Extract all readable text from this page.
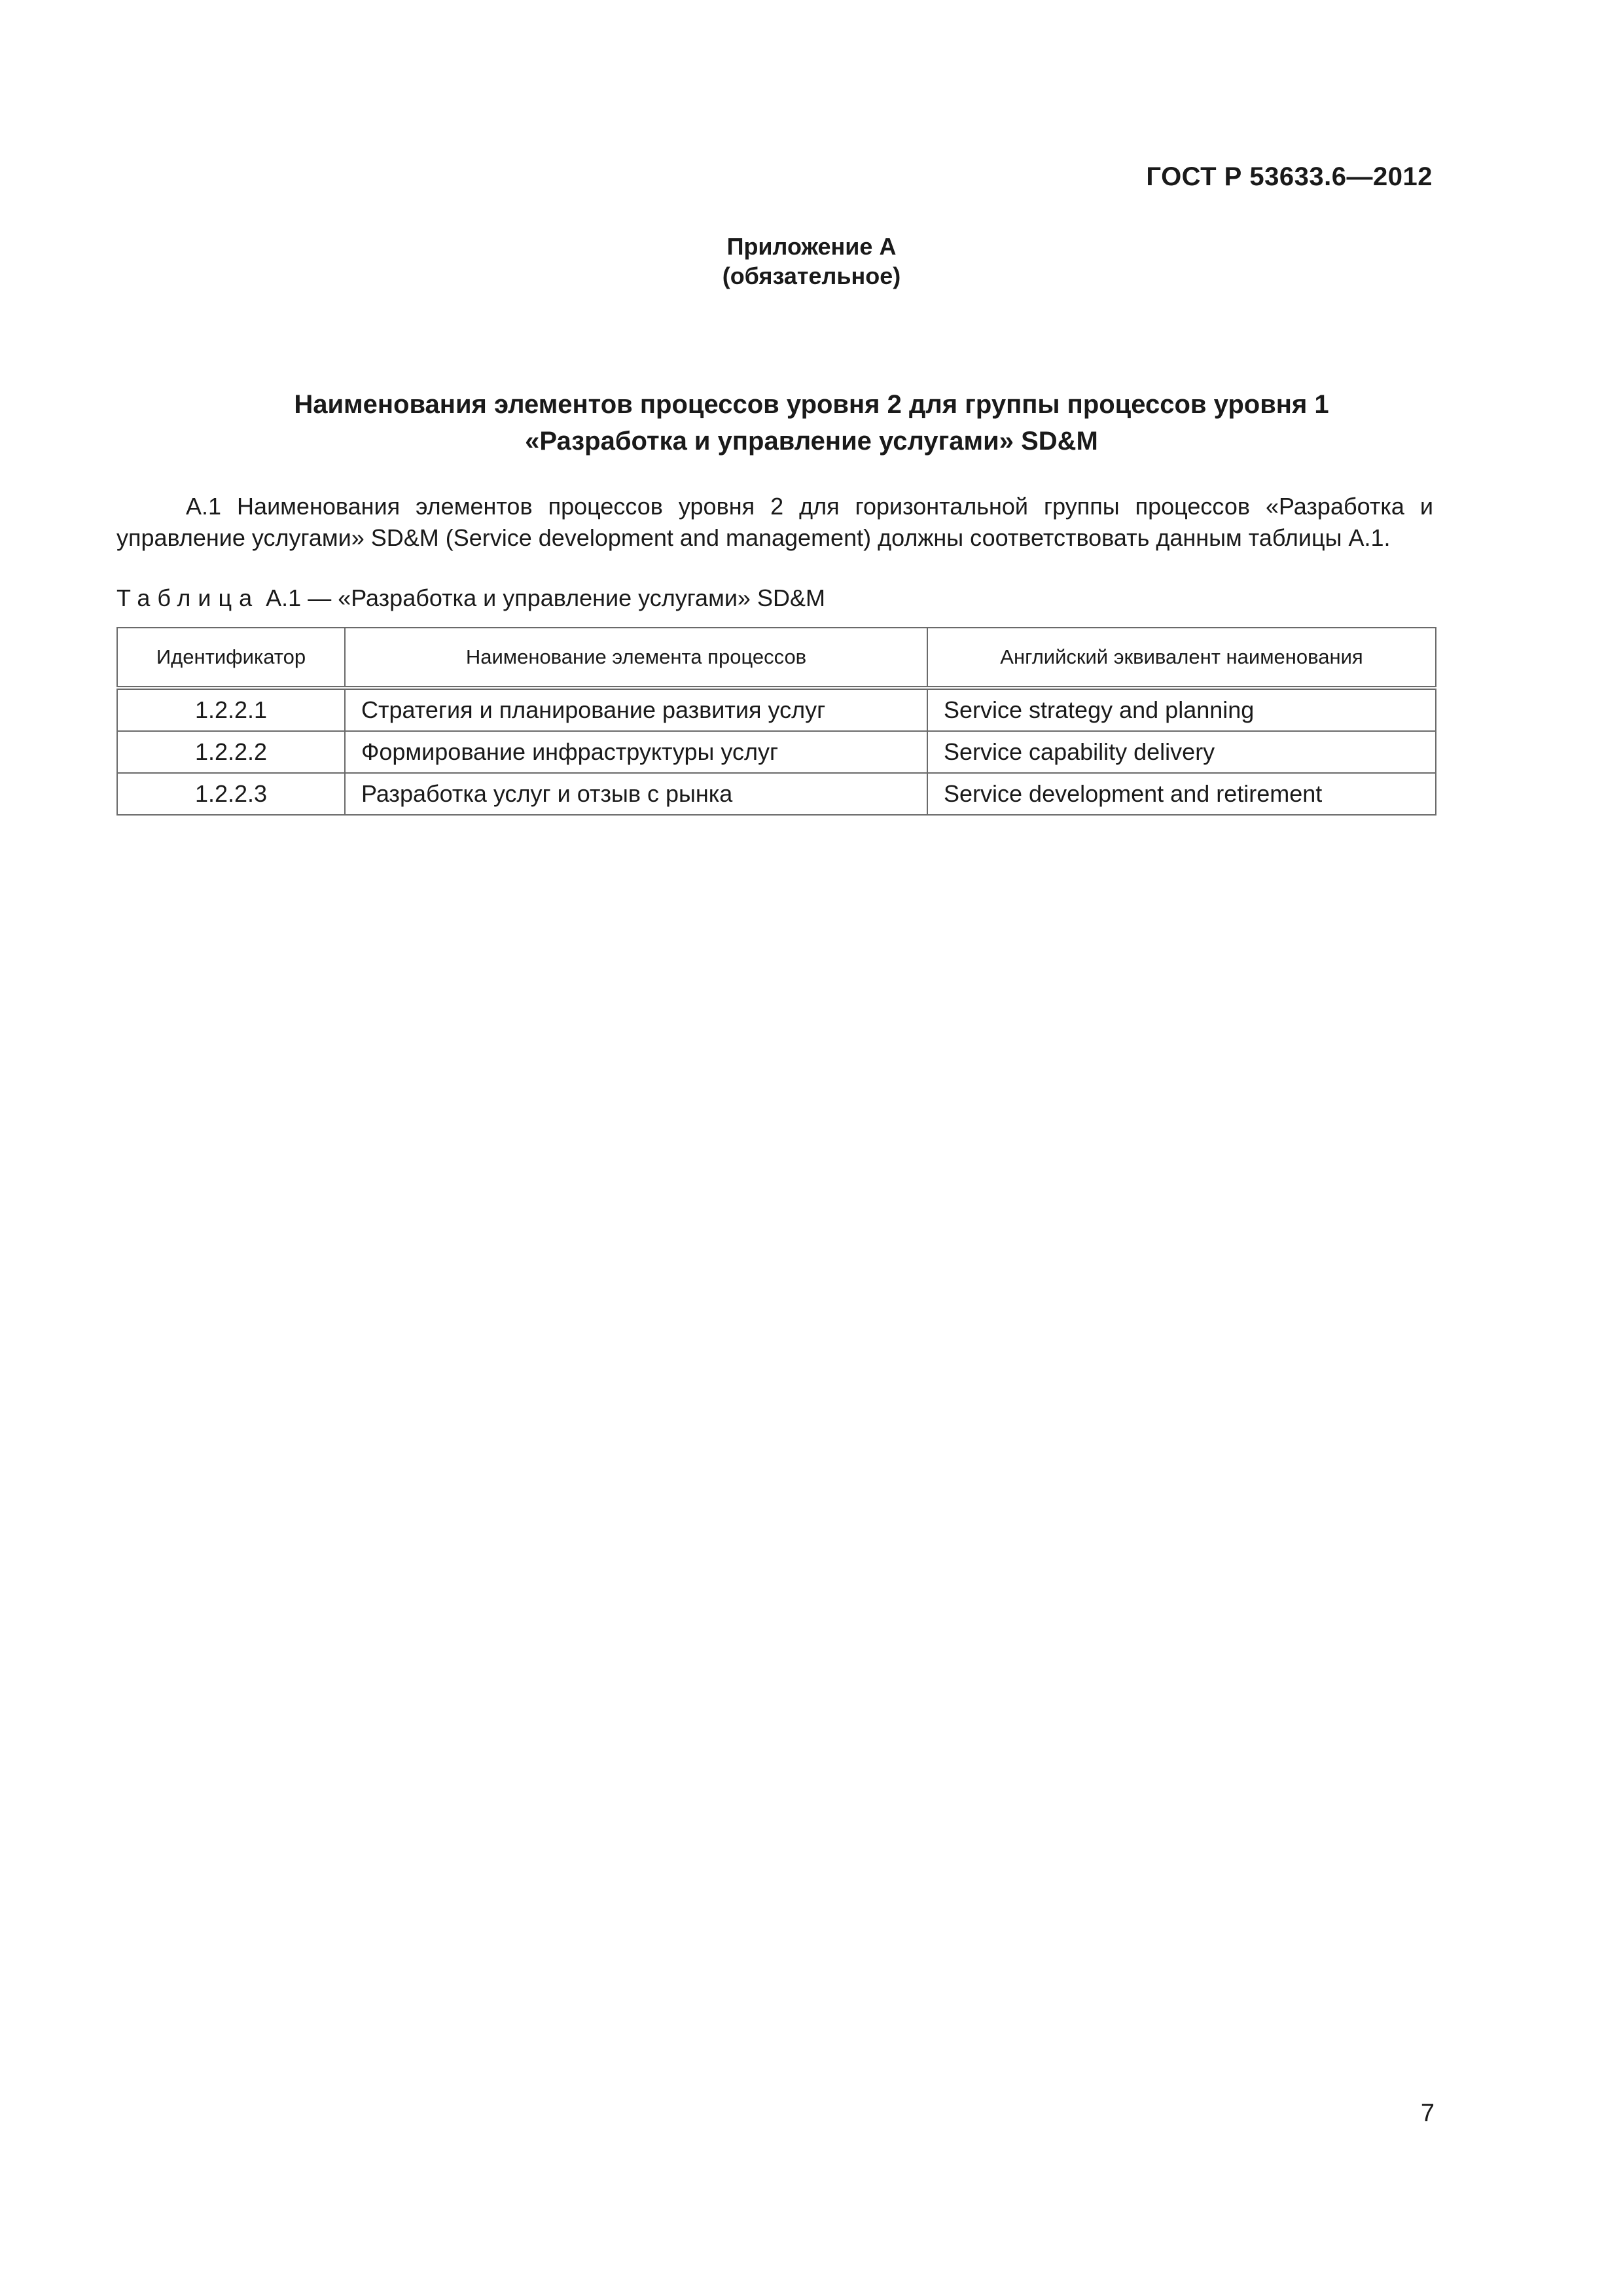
ГОСТ Р 53633.6—2012
Приложение А
(обязательное)
Наименования элементов процессов уровня 2 для группы процессов уровня 1
«Разработка и управление услугами» SD&M
А.1 Наименования элементов процессов уровня 2 для горизонтальной группы процессов «Разработка и управление услугами» SD&M (Service development and management) должны соответствовать данным таблицы А.1.
Таблица А.1 — «Разработка и управление услугами» SD&M
Идентификатор	Наименование элемента процессов	Английский эквивалент наименования
1.2.2.1	Стратегия и планирование развития услуг	Service strategy and planning
1.2.2.2	Формирование инфраструктуры услуг	Service capability delivery
1.2.2.3	Разработка услуг и отзыв с рынка	Service development and retirement
7
